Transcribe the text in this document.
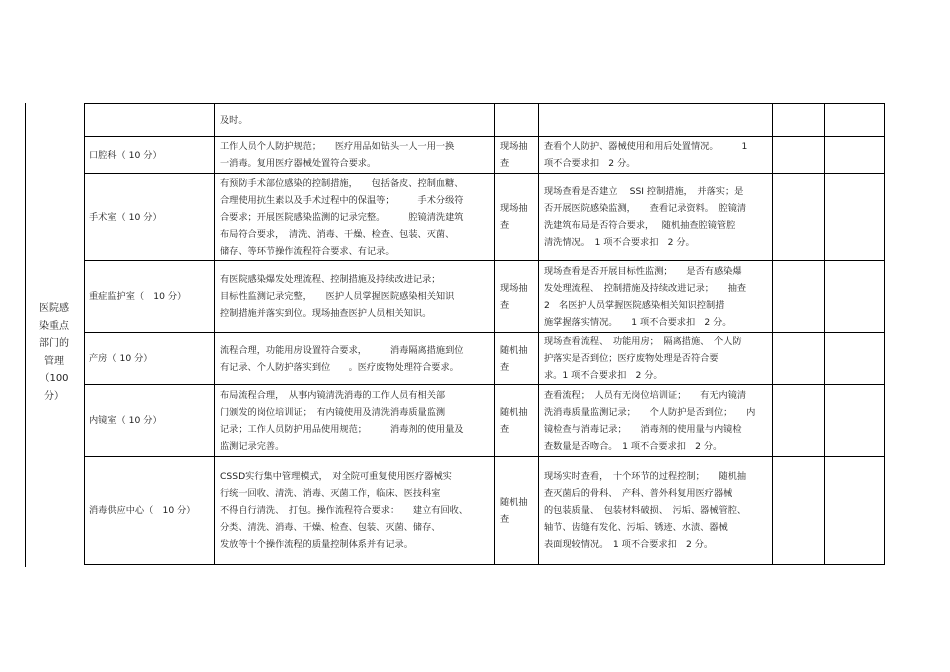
医院感
染重点
部门的
管理
（100
分）

	及时。				

口腔科（ 10 分）	工作人员个人防护规范；　　医疗用品如钻头一人一用一换
一消毒。复用医疗器械处置符合要求。	现场抽
查	查看个人防护、器械使用和用后处置情况。　　　1
项不合要求扣　2 分。		

手术室（ 10 分）	有预防手术部位感染的控制措施，　　包括备皮、控制血糖、
合理使用抗生素以及手术过程中的保温等；　　　手术分级符
合要求；开展医院感染监测的记录完整。　　　腔镜清洗建筑
布局符合要求，　清洗、消毒、干燥、检查、包装、灭菌、
储存、等环节操作流程符合要求、有记录。	现场抽
查	现场查看是否建立　 SSI 控制措施，　并落实；是
否开展医院感染监测，　　查看记录资料。　腔镜清
洗建筑布局是否符合要求，　 随机抽查腔镜管腔
清洗情况。　1 项不合要求扣　2 分。		

重症监护室（　10 分）	有医院感染爆发处理流程、控制措施及持续改进记录；
目标性监测记录完整，　　医护人员掌握医院感染相关知识
控制措施并落实到位。现场抽查医护人员相关知识。	现场抽
查	现场查看是否开展目标性监测；　　是否有感染爆
发处理流程、　控制措施及持续改进记录；　　抽查
2　名医护人员掌握医院感染相关知识控制措
施掌握落实情况。　　1 项不合要求扣　2 分。		

产房（ 10 分）	流程合理，功能用房设置符合要求，　　　消毒隔离措施到位
有记录、个人防护落实到位　　。医疗废物处理符合要求。	随机抽
查	现场查看流程、　功能用房；　隔离措施、　个人防
护落实是否到位；医疗废物处理是否符合要
求。1 项不合要求扣　2 分。		

内镜室（ 10 分）	布局流程合理，　从事内镜清洗消毒的工作人员有相关部
门颁发的岗位培训证；　有内镜使用及清洗消毒质量监测
记录；工作人员防护用品使用规范；　　　消毒剂的使用量及
监测记录完善。	随机抽
查	查看流程；　人员有无岗位培训证；　　有无内镜清
洗消毒质量监测记录；　　个人防护是否到位；　　内
镜检查与消毒记录；　　消毒剂的使用量与内镜检
查数量是否吻合。　1 项不合要求扣　2 分。		

消毒供应中心（　10 分）	CSSD实行集中管理模式，　对全院可重复使用医疗器械实
行统一回收、清洗、消毒、灭菌工作，临床、医技科室
不得自行清洗、　打包。操作流程符合要求：　　建立有回收、
分类、清洗、消毒、干燥、检查、包装、灭菌、储存、
发放等十个操作流程的质量控制体系并有记录。	随机抽
查	现场实时查看，　十个环节的过程控制；　　随机抽
查灭菌后的骨科、　产科、普外科复用医疗器械
的包装质量、　包装材料破损、　污垢、器械管腔、
轴节、齿缝有发化、污垢、锈迹、水渍、器械
表面现较情况。　1 项不合要求扣　2 分。		
